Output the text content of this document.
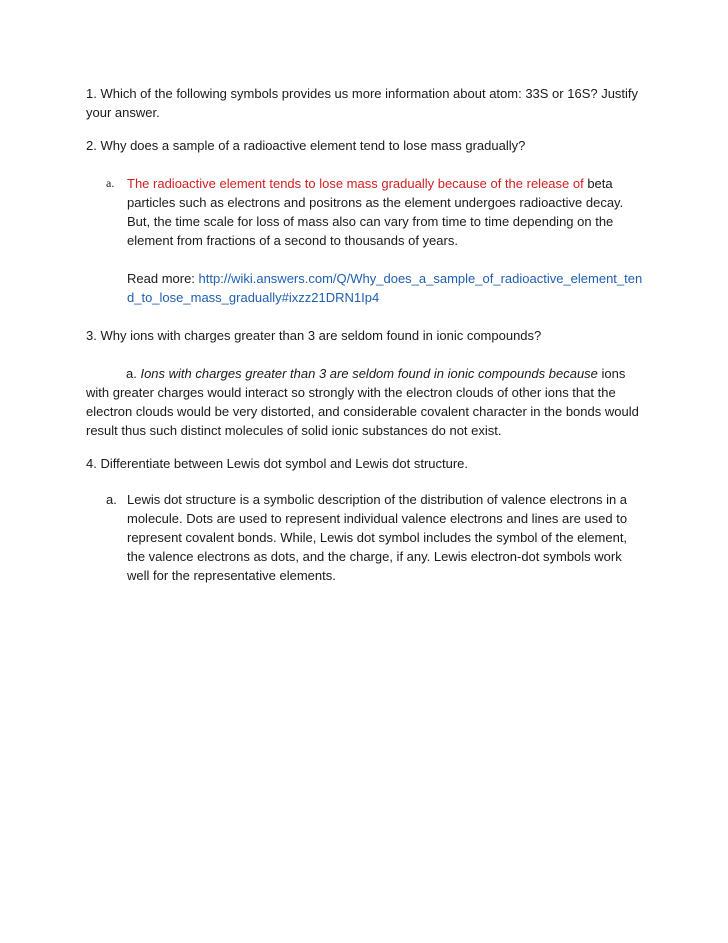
1. Which of the following symbols provides us more information about atom: 33S or 16S? Justify your answer.

2. Why does a sample of a radioactive element tend to lose mass gradually?

a. The radioactive element tends to lose mass gradually because of the release of beta particles such as electrons and positrons as the element undergoes radioactive decay. But, the time scale for loss of mass also can vary from time to time depending on the element from fractions of a second to thousands of years.
Read more: http://wiki.answers.com/Q/Why_does_a_sample_of_radioactive_element_tend_to_lose_mass_gradually#ixzz21DRN1Ip4

3. Why ions with charges greater than 3 are seldom found in ionic compounds?

a. Ions with charges greater than 3 are seldom found in ionic compounds because ions with greater charges would interact so strongly with the electron clouds of other ions that the electron clouds would be very distorted, and considerable covalent character in the bonds would result thus such distinct molecules of solid ionic substances do not exist.

4. Differentiate between Lewis dot symbol and Lewis dot structure.

a. Lewis dot structure is a symbolic description of the distribution of valence electrons in a molecule. Dots are used to represent individual valence electrons and lines are used to represent covalent bonds. While, Lewis dot symbol includes the symbol of the element, the valence electrons as dots, and the charge, if any. Lewis electron-dot symbols work well for the representative elements.
